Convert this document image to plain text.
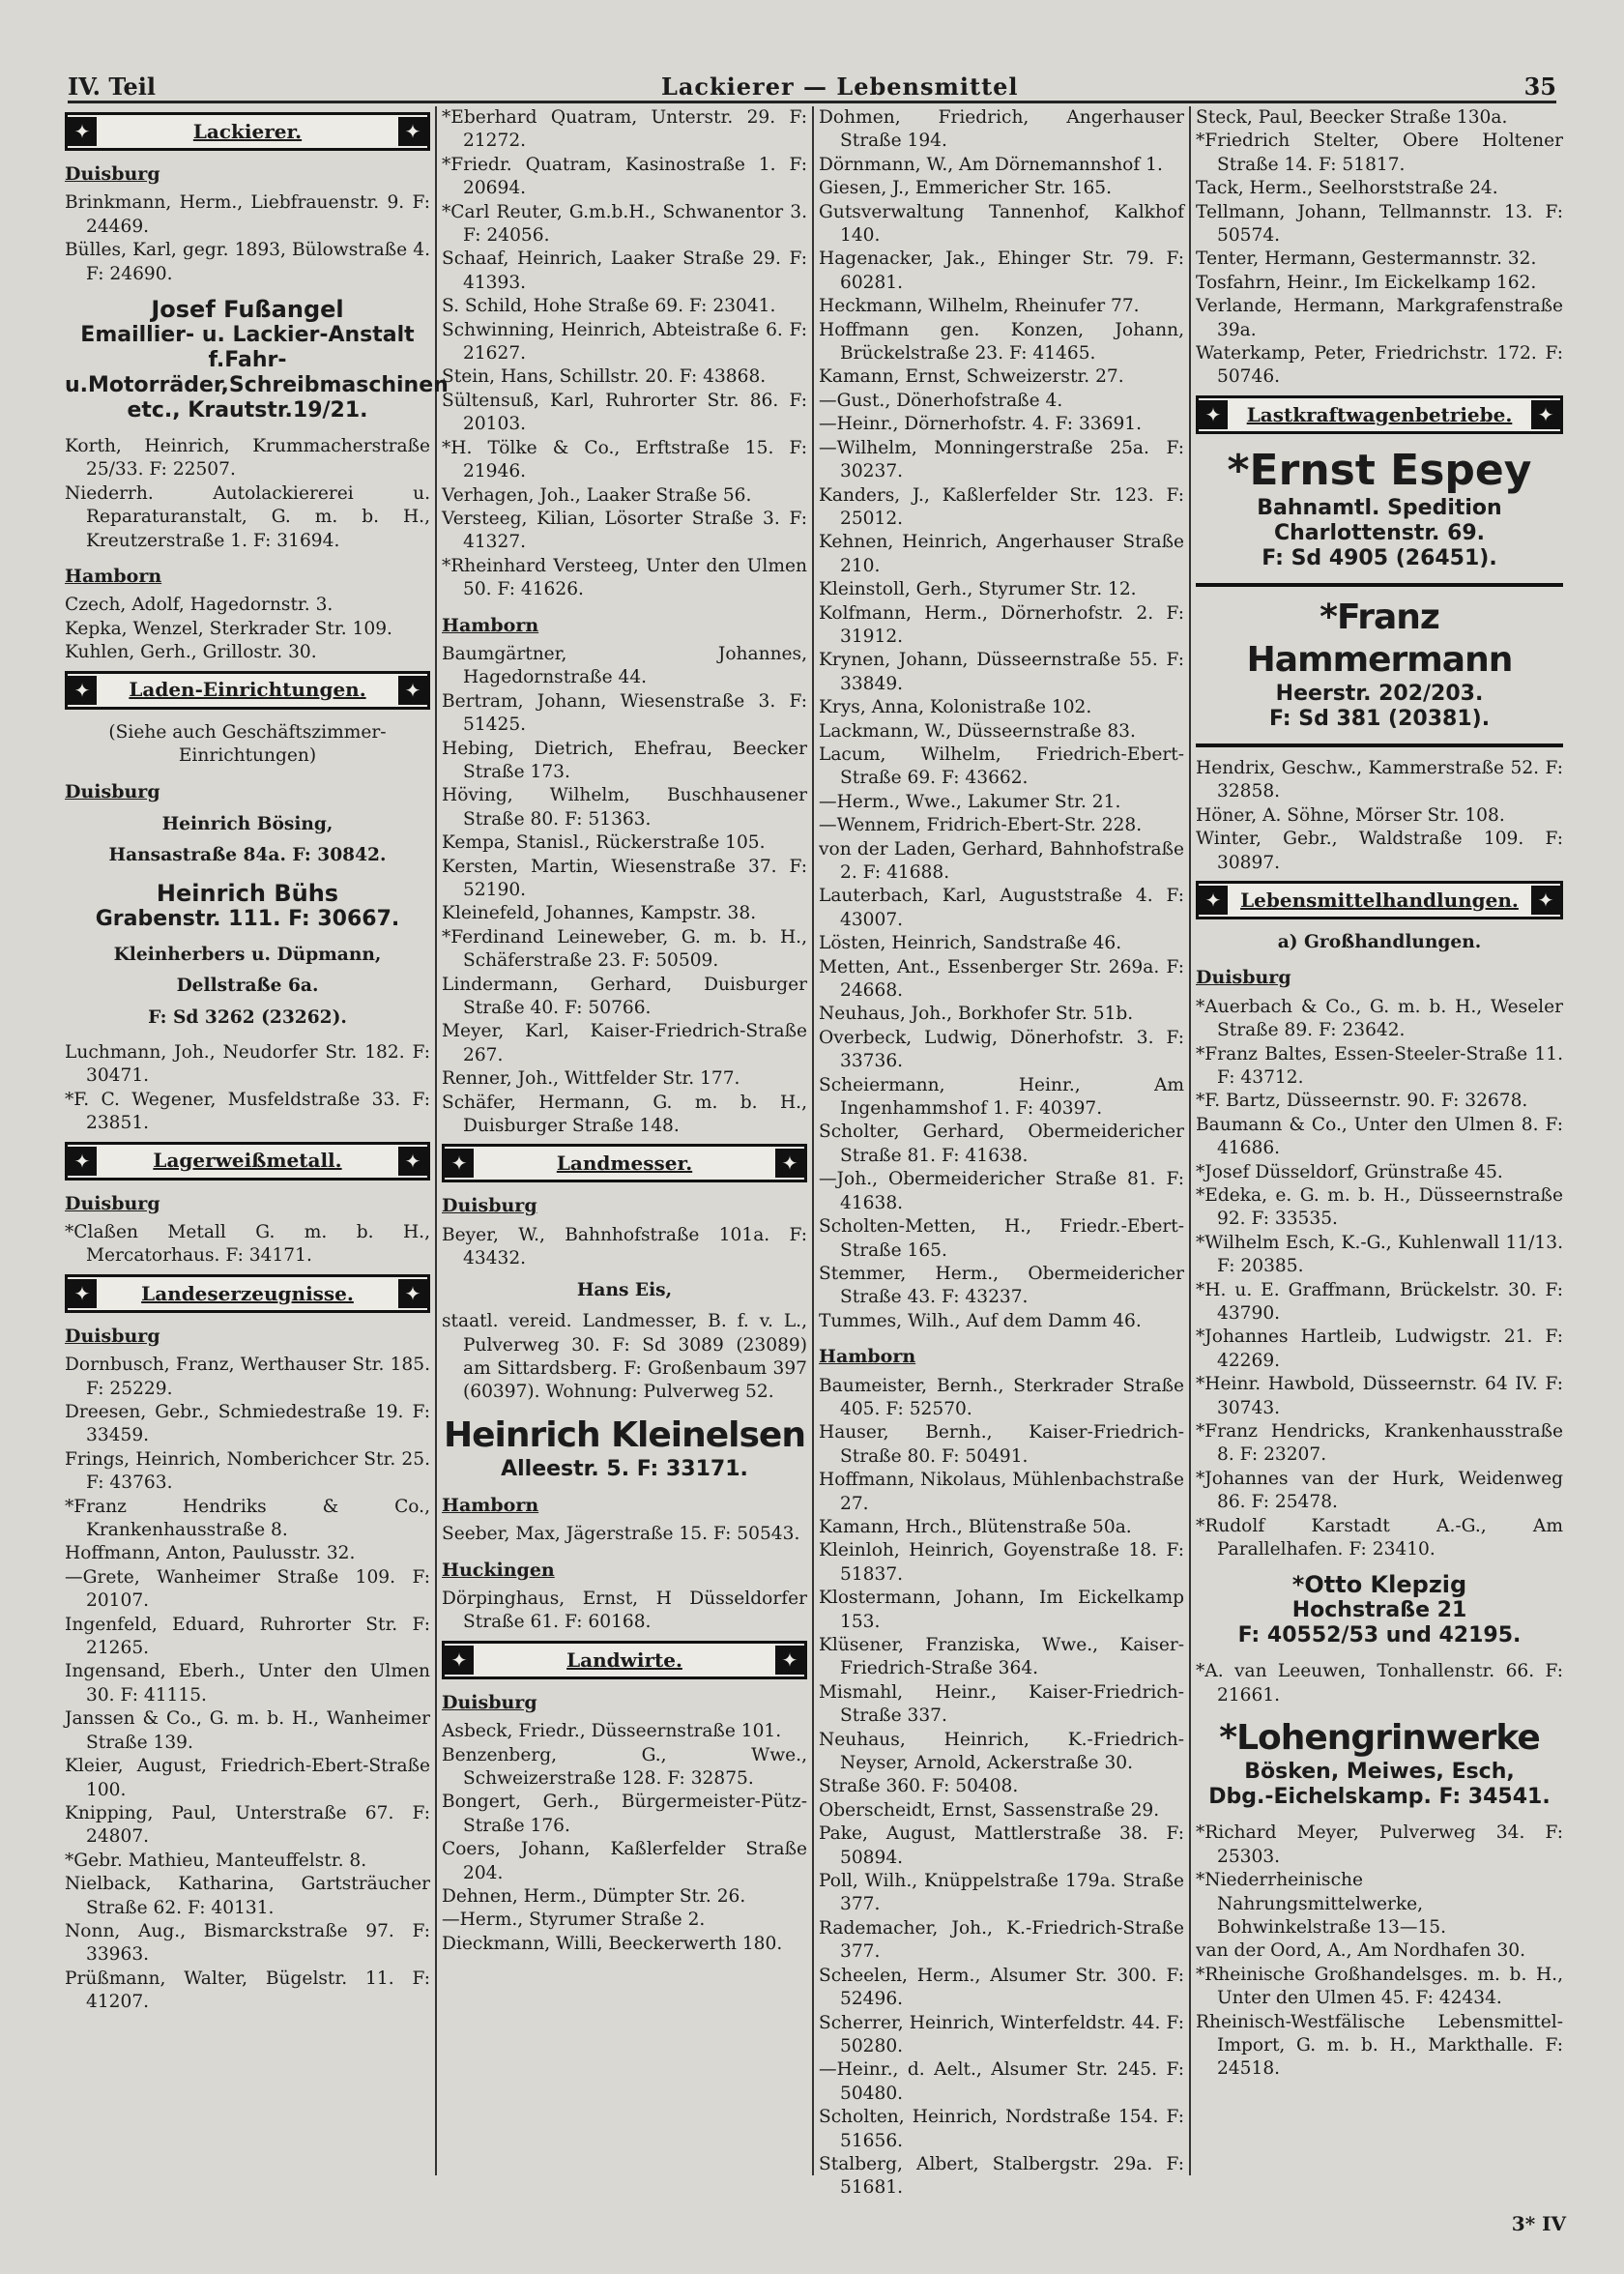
IV. Teil	Lackierer — Lebensmittel	35
✦	Lackierer.	✦
Duisburg

Brinkmann, Herm., Liebfrauenstr. 9. F: 24469.

Bülles, Karl, gegr. 1893, Bülowstraße 4. F: 24690.

Josef Fußangel
Emaillier- u. Lackier-Anstalt
f.Fahr-u.Motorräder,Schreibmaschinen etc., Krautstr.19/21.

Korth, Heinrich, Krummacherstraße 25/33. F: 22507.

Niederrh. Autolackiererei u. Reparaturanstalt, G. m. b. H., Kreutzerstraße 1. F: 31694.

Hamborn

Czech, Adolf, Hagedornstr. 3.

Kepka, Wenzel, Sterkrader Str. 109.

Kuhlen, Gerh., Grillostr. 30.

✦	Laden-Einrichtungen.	✦
(Siehe auch Geschäftszimmer-Einrichtungen)
Duisburg
Heinrich Bösing,
Hansastraße 84a. F: 30842.
Heinrich Bühs
Grabenstr. 111. F: 30667.
Kleinherbers u. Düpmann,
Dellstraße 6a.
F: Sd 3262 (23262).

Luchmann, Joh., Neudorfer Str. 182. F: 30471.

*F. C. Wegener, Musfeldstraße 33. F: 23851.

✦	Lagerweißmetall.	✦
Duisburg

*Claßen Metall G. m. b. H., Mercatorhaus. F: 34171.

✦	Landeserzeugnisse.	✦
Duisburg

Dornbusch, Franz, Werthauser Str. 185. F: 25229.

Dreesen, Gebr., Schmiedestraße 19. F: 33459.

Frings, Heinrich, Nomberichcer Str. 25. F: 43763.

*Franz Hendriks & Co., Krankenhausstraße 8.

Hoffmann, Anton, Paulusstr. 32.

—Grete, Wanheimer Straße 109. F: 20107.

Ingenfeld, Eduard, Ruhrorter Str. F: 21265.

Ingensand, Eberh., Unter den Ulmen 30. F: 41115.

Janssen & Co., G. m. b. H., Wanheimer Straße 139.

Kleier, August, Friedrich-Ebert-Straße 100.

Knipping, Paul, Unterstraße 67. F: 24807.

*Gebr. Mathieu, Manteuffelstr. 8.

Nielback, Katharina, Gartsträucher Straße 62. F: 40131.

Nonn, Aug., Bismarckstraße 97. F: 33963.

Prüßmann, Walter, Bügelstr. 11. F: 41207.

*Eberhard Quatram, Unterstr. 29. F: 21272.

*Friedr. Quatram, Kasinostraße 1. F: 20694.

*Carl Reuter, G.m.b.H., Schwanentor 3. F: 24056.

Schaaf, Heinrich, Laaker Straße 29. F: 41393.

S. Schild, Hohe Straße 69. F: 23041.

Schwinning, Heinrich, Abteistraße 6. F: 21627.

Stein, Hans, Schillstr. 20. F: 43868.

Sültensuß, Karl, Ruhrorter Str. 86. F: 20103.

*H. Tölke & Co., Erftstraße 15. F: 21946.

Verhagen, Joh., Laaker Straße 56.

Versteeg, Kilian, Lösorter Straße 3. F: 41327.

*Rheinhard Versteeg, Unter den Ulmen 50. F: 41626.

Hamborn

Baumgärtner, Johannes, Hagedornstraße 44.

Bertram, Johann, Wiesenstraße 3. F: 51425.

Hebing, Dietrich, Ehefrau, Beecker Straße 173.

Höving, Wilhelm, Buschhausener Straße 80. F: 51363.

Kempa, Stanisl., Rückerstraße 105.

Kersten, Martin, Wiesenstraße 37. F: 52190.

Kleinefeld, Johannes, Kampstr. 38.

*Ferdinand Leineweber, G. m. b. H., Schäferstraße 23. F: 50509.

Lindermann, Gerhard, Duisburger Straße 40. F: 50766.

Meyer, Karl, Kaiser-Friedrich-Straße 267.

Renner, Joh., Wittfelder Str. 177.

Schäfer, Hermann, G. m. b. H., Duisburger Straße 148.

✦	Landmesser.	✦
Duisburg

Beyer, W., Bahnhofstraße 101a. F: 43432.

Hans Eis,

staatl. vereid. Landmesser, B. f. v. L., Pulverweg 30. F: Sd 3089 (23089) am Sittardsberg. F: Großenbaum 397 (60397). Wohnung: Pulverweg 52.

Heinrich Kleinelsen
Alleestr. 5. F: 33171.
Hamborn

Seeber, Max, Jägerstraße 15. F: 50543.

Huckingen

Dörpinghaus, Ernst, H Düsseldorfer Straße 61. F: 60168.

✦	Landwirte.	✦
Duisburg

Asbeck, Friedr., Düsseernstraße 101.

Benzenberg, G., Wwe., Schweizerstraße 128. F: 32875.

Bongert, Gerh., Bürgermeister-Pütz-Straße 176.

Coers, Johann, Kaßlerfelder Straße 204.

Dehnen, Herm., Dümpter Str. 26.

—Herm., Styrumer Straße 2.

Dieckmann, Willi, Beeckerwerth 180.

Dohmen, Friedrich, Angerhauser Straße 194.

Dörnmann, W., Am Dörnemannshof 1.

Giesen, J., Emmericher Str. 165.

Gutsverwaltung Tannenhof, Kalkhof 140.

Hagenacker, Jak., Ehinger Str. 79. F: 60281.

Heckmann, Wilhelm, Rheinufer 77.

Hoffmann gen. Konzen, Johann, Brückelstraße 23. F: 41465.

Kamann, Ernst, Schweizerstr. 27.

—Gust., Dönerhofstraße 4.

—Heinr., Dörnerhofstr. 4. F: 33691.

—Wilhelm, Monningerstraße 25a. F: 30237.

Kanders, J., Kaßlerfelder Str. 123. F: 25012.

Kehnen, Heinrich, Angerhauser Straße 210.

Kleinstoll, Gerh., Styrumer Str. 12.

Kolfmann, Herm., Dörnerhofstr. 2. F: 31912.

Krynen, Johann, Düsseernstraße 55. F: 33849.

Krys, Anna, Kolonistraße 102.

Lackmann, W., Düsseernstraße 83.

Lacum, Wilhelm, Friedrich-Ebert-Straße 69. F: 43662.

—Herm., Wwe., Lakumer Str. 21.

—Wennem, Fridrich-Ebert-Str. 228.

von der Laden, Gerhard, Bahnhofstraße 2. F: 41688.

Lauterbach, Karl, Auguststraße 4. F: 43007.

Lösten, Heinrich, Sandstraße 46.

Metten, Ant., Essenberger Str. 269a. F: 24668.

Neuhaus, Joh., Borkhofer Str. 51b.

Overbeck, Ludwig, Dönerhofstr. 3. F: 33736.

Scheiermann, Heinr., Am Ingenhammshof 1. F: 40397.

Scholter, Gerhard, Obermeidericher Straße 81. F: 41638.

—Joh., Obermeidericher Straße 81. F: 41638.

Scholten-Metten, H., Friedr.-Ebert-Straße 165.

Stemmer, Herm., Obermeidericher Straße 43. F: 43237.

Tummes, Wilh., Auf dem Damm 46.

Hamborn

Baumeister, Bernh., Sterkrader Straße 405. F: 52570.

Hauser, Bernh., Kaiser-Friedrich-Straße 80. F: 50491.

Hoffmann, Nikolaus, Mühlenbachstraße 27.

Kamann, Hrch., Blütenstraße 50a.

Kleinloh, Heinrich, Goyenstraße 18. F: 51837.

Klostermann, Johann, Im Eickelkamp 153.

Klüsener, Franziska, Wwe., Kaiser-Friedrich-Straße 364.

Mismahl, Heinr., Kaiser-Friedrich-Straße 337.

Neuhaus, Heinrich, K.-Friedrich-Neyser, Arnold, Ackerstraße 30.

Straße 360. F: 50408.

Oberscheidt, Ernst, Sassenstraße 29.

Pake, August, Mattlerstraße 38. F: 50894.

Poll, Wilh., Knüppelstraße 179a. Straße 377.

Rademacher, Joh., K.-Friedrich-Straße 377.

Scheelen, Herm., Alsumer Str. 300. F: 52496.

Scherrer, Heinrich, Winterfeldstr. 44. F: 50280.

—Heinr., d. Aelt., Alsumer Str. 245. F: 50480.

Scholten, Heinrich, Nordstraße 154. F: 51656.

Stalberg, Albert, Stalbergstr. 29a. F: 51681.

Steck, Paul, Beecker Straße 130a.

*Friedrich Stelter, Obere Holtener Straße 14. F: 51817.

Tack, Herm., Seelhorststraße 24.

Tellmann, Johann, Tellmannstr. 13. F: 50574.

Tenter, Hermann, Gestermannstr. 32.

Tosfahrn, Heinr., Im Eickelkamp 162.

Verlande, Hermann, Markgrafenstraße 39a.

Waterkamp, Peter, Friedrichstr. 172. F: 50746.

✦	Lastkraftwagenbetriebe.	✦
*Ernst Espey
Bahnamtl. Spedition
Charlottenstr. 69.
F: Sd 4905 (26451).
*Franz Hammermann
Heerstr. 202/203.
F: Sd 381 (20381).

Hendrix, Geschw., Kammerstraße 52. F: 32858.

Höner, A. Söhne, Mörser Str. 108.

Winter, Gebr., Waldstraße 109. F: 30897.

✦ Lebensmittelhandlungen. ✦
a) Großhandlungen.
Duisburg

*Auerbach & Co., G. m. b. H., Weseler Straße 89. F: 23642.

*Franz Baltes, Essen-Steeler-Straße 11. F: 43712.

*F. Bartz, Düsseernstr. 90. F: 32678.

Baumann & Co., Unter den Ulmen 8. F: 41686.

*Josef Düsseldorf, Grünstraße 45.

*Edeka, e. G. m. b. H., Düsseernstraße 92. F: 33535.

*Wilhelm Esch, K.-G., Kuhlenwall 11/13. F: 20385.

*H. u. E. Graffmann, Brückelstr. 30. F: 43790.

*Johannes Hartleib, Ludwigstr. 21. F: 42269.

*Heinr. Hawbold, Düsseernstr. 64 IV. F: 30743.

*Franz Hendricks, Krankenhausstraße 8. F: 23207.

*Johannes van der Hurk, Weidenweg 86. F: 25478.

*Rudolf Karstadt A.-G., Am Parallelhafen. F: 23410.

*Otto Klepzig
Hochstraße 21
F: 40552/53 und 42195.

*A. van Leeuwen, Tonhallenstr. 66. F: 21661.

*Lohengrinwerke
Bösken, Meiwes, Esch,
Dbg.-Eichelskamp. F: 34541.

*Richard Meyer, Pulverweg 34. F: 25303.

*Niederrheinische Nahrungsmittelwerke, Bohwinkelstraße 13—15.

van der Oord, A., Am Nordhafen 30.

*Rheinische Großhandelsges. m. b. H., Unter den Ulmen 45. F: 42434.

Rheinisch-Westfälische Lebensmittel-Import, G. m. b. H., Markthalle. F: 24518.

3* IV
